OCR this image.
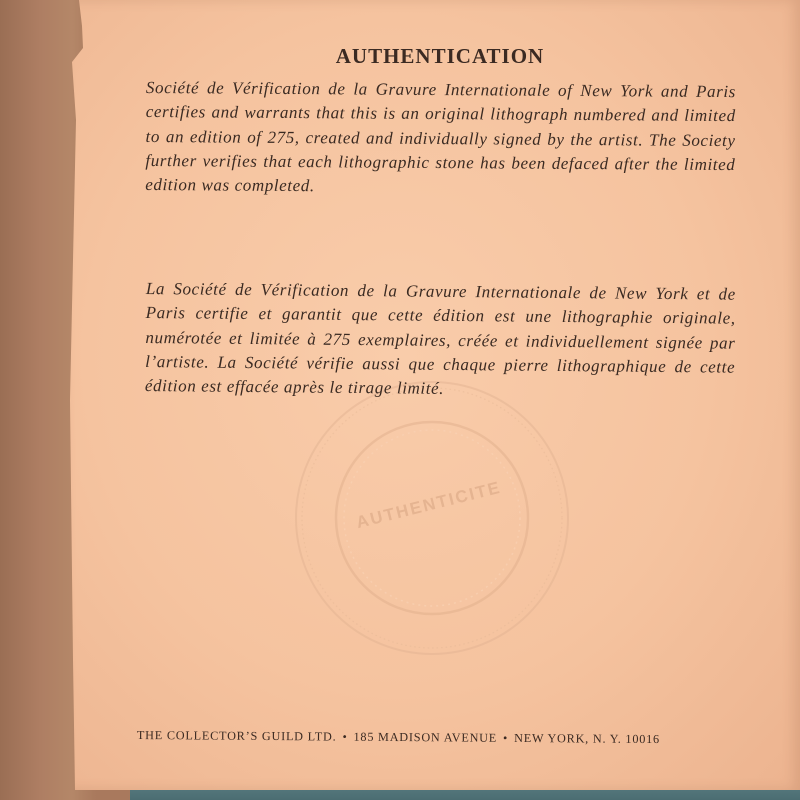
AUTHENTICATION

Société de Vérification de la Gravure Internationale of New York and Paris certifies and warrants that this is an original lithograph numbered and limited to an edition of 275, created and individually signed by the artist. The Society further verifies that each lithographic stone has been defaced after the limited edition was completed.

AUTHENTICITE

La Société de Vérification de la Gravure Internationale de New York et de Paris certifie et garantit que cette édition est une lithographie originale, numérotée et limitée à 275 exemplaires, créée et individuellement signée par l’artiste. La Société vérifie aussi que chaque pierre lithographique de cette édition est effacée après le tirage limité.

THE COLLECTOR’S GUILD LTD. • 185 MADISON AVENUE • NEW YORK, N. Y. 10016
